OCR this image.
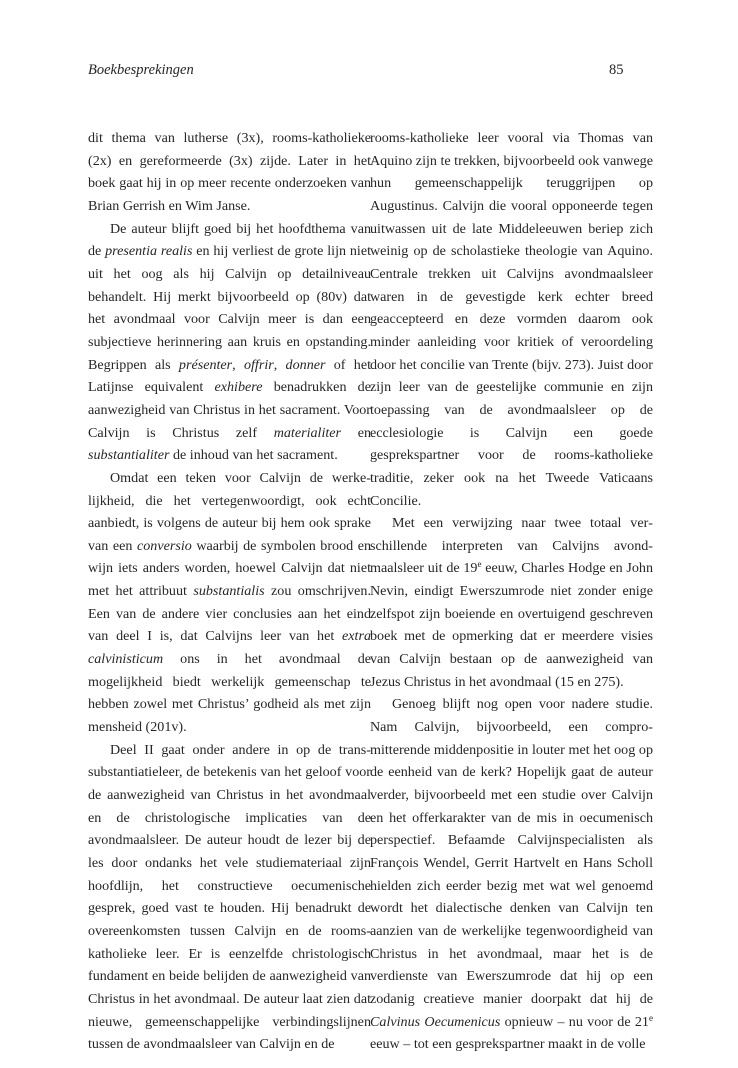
Boekbesprekingen	85

dit thema van lutherse (3x), rooms-katholieke (2x) en gereformeerde (3x) zijde. Later in het boek gaat hij in op meer recente onderzoeken van Brian Gerrish en Wim Janse.

De auteur blijft goed bij het hoofdthema van de presentia realis en hij verliest de grote lijn niet uit het oog als hij Calvijn op detailniveau behandelt. Hij merkt bijvoorbeeld op (80v) dat het avondmaal voor Calvijn meer is dan een subjectieve herinnering aan kruis en opstanding. Begrippen als présenter, offrir, donner of het Latijnse equivalent exhibere benadrukken de aanwezigheid van Christus in het sacrament. Voor Calvijn is Christus zelf materialiter en substantialiter de inhoud van het sacrament.

Omdat een teken voor Calvijn de werkelijkheid, die het vertegenwoordigt, ook echt aanbiedt, is volgens de auteur bij hem ook sprake van een conversio waarbij de symbolen brood en wijn iets anders worden, hoewel Calvijn dat niet met het attribuut substantialis zou omschrijven. Een van de andere vier conclusies aan het eind van deel I is, dat Calvijns leer van het extra calvinisticum ons in het avondmaal de mogelijkheid biedt werkelijk gemeenschap te hebben zowel met Christus’ godheid als met zijn mensheid (201v).

Deel II gaat onder andere in op de transsubstantiatieleer, de betekenis van het geloof voor de aanwezigheid van Christus in het avondmaal en de christologische implicaties van de avondmaalsleer. De auteur houdt de lezer bij de les door ondanks het vele studiemateriaal zijn hoofdlijn, het constructieve oecumenische gesprek, goed vast te houden. Hij benadrukt de overeenkomsten tussen Calvijn en de rooms-katholieke leer. Er is eenzelfde christologisch fundament en beide belijden de aanwezigheid van Christus in het avondmaal. De auteur laat zien dat nieuwe, gemeenschappelijke verbindingslijnen tussen de avondmaalsleer van Calvijn en de

rooms-katholieke leer vooral via Thomas van Aquino zijn te trekken, bijvoorbeeld ook vanwege hun gemeenschappelijk teruggrijpen op Augustinus. Calvijn die vooral opponeerde tegen uitwassen uit de late Middeleeuwen beriep zich weinig op de scholastieke theologie van Aquino. Centrale trekken uit Calvijns avondmaalsleer waren in de gevestigde kerk echter breed geaccepteerd en deze vormden daarom ook minder aanleiding voor kritiek of veroordeling door het concilie van Trente (bijv. 273). Juist door zijn leer van de geestelijke communie en zijn toepassing van de avondmaalsleer op de ecclesiologie is Calvijn een goede gesprekspartner voor de rooms-katholieke traditie, zeker ook na het Tweede Vaticaans Concilie.

Met een verwijzing naar twee totaal verschillende interpreten van Calvijns avondmaalsleer uit de 19e eeuw, Charles Hodge en John Nevin, eindigt Ewerszumrode niet zonder enige zelfspot zijn boeiende en overtuigend geschreven boek met de opmerking dat er meerdere visies van Calvijn bestaan op de aanwezigheid van Jezus Christus in het avondmaal (15 en 275).

Genoeg blijft nog open voor nadere studie. Nam Calvijn, bijvoorbeeld, een compromitterende middenpositie in louter met het oog op de eenheid van de kerk? Hopelijk gaat de auteur verder, bijvoorbeeld met een studie over Calvijn en het offerkarakter van de mis in oecumenisch perspectief. Befaamde Calvijnspecialisten als François Wendel, Gerrit Hartvelt en Hans Scholl hielden zich eerder bezig met wat wel genoemd wordt het dialectische denken van Calvijn ten aanzien van de werkelijke tegenwoordigheid van Christus in het avondmaal, maar het is de verdienste van Ewerszumrode dat hij op een zodanig creatieve manier doorpakt dat hij de Calvinus Oecumenicus opnieuw – nu voor de 21e eeuw – tot een gesprekspartner maakt in de volle
